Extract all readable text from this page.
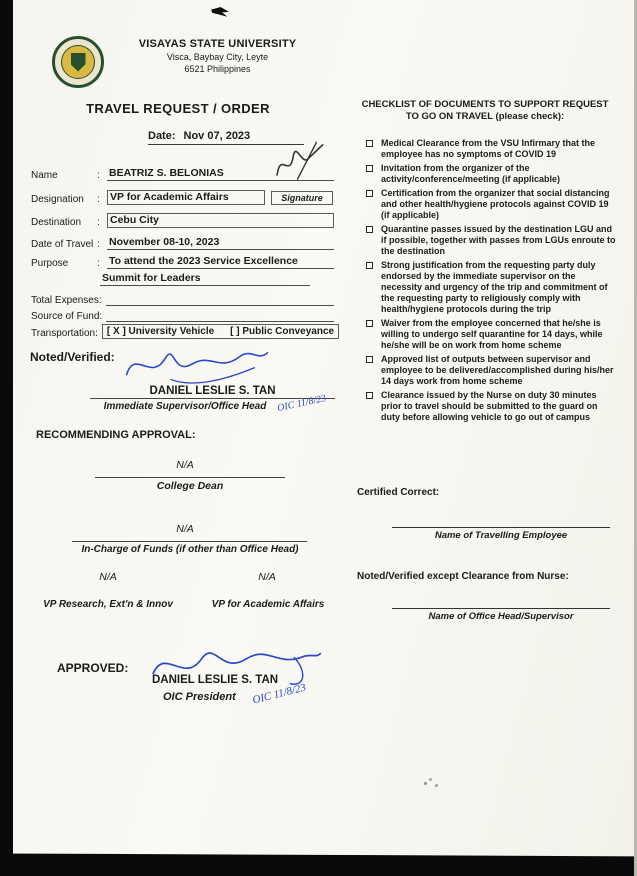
VISAYAS STATE UNIVERSITY
Visca, Baybay City, Leyte
6521 Philippines
TRAVEL REQUEST / ORDER
Date: Nov 07, 2023
Name	: BEATRIZ S. BELONIAS
Designation	: VP for Academic Affairs	Signature
Destination	: Cebu City
Date of Travel : November 08-10, 2023
Purpose	: To attend the 2023 Service Excellence
Summit for Leaders
Total Expenses:
Source of Fund:
Transportation: [ X ] University Vehicle [ ] Public Conveyance
Noted/Verified:
DANIEL LESLIE S. TAN
Immediate Supervisor/Office Head	OIC 11/8/23
RECOMMENDING APPROVAL:
N/A
College Dean
N/A
In-Charge of Funds (if other than Office Head)
N/A	N/A
VP Research, Ext'n & Innov	VP for Academic Affairs
APPROVED:
DANIEL LESLIE S. TAN
OIC President OIC 11/8/23
CHECKLIST OF DOCUMENTS TO SUPPORT REQUEST
TO GO ON TRAVEL (please check):
Medical Clearance from the VSU Infirmary that the employee has no symptoms of COVID 19
Invitation from the organizer of the activity/conference/meeting (if applicable)
Certification from the organizer that social distancing and other health/hygiene protocols against COVID 19 (if applicable)
Quarantine passes issued by the destination LGU and if possible, together with passes from LGUs enroute to the destination
Strong justification from the requesting party duly endorsed by the immediate supervisor on the necessity and urgency of the trip and commitment of the requesting party to religiously comply with health/hygiene protocols during the trip
Waiver from the employee concerned that he/she is willing to undergo self quarantine for 14 days, while he/she will be on work from home scheme
Approved list of outputs between supervisor and employee to be delivered/accomplished during his/her 14 days work from home scheme
Clearance issued by the Nurse on duty 30 minutes prior to travel should be submitted to the guard on duty before allowing vehicle to go out of campus
Certified Correct:
Name of Travelling Employee
Noted/Verified except Clearance from Nurse:
Name of Office Head/Supervisor
